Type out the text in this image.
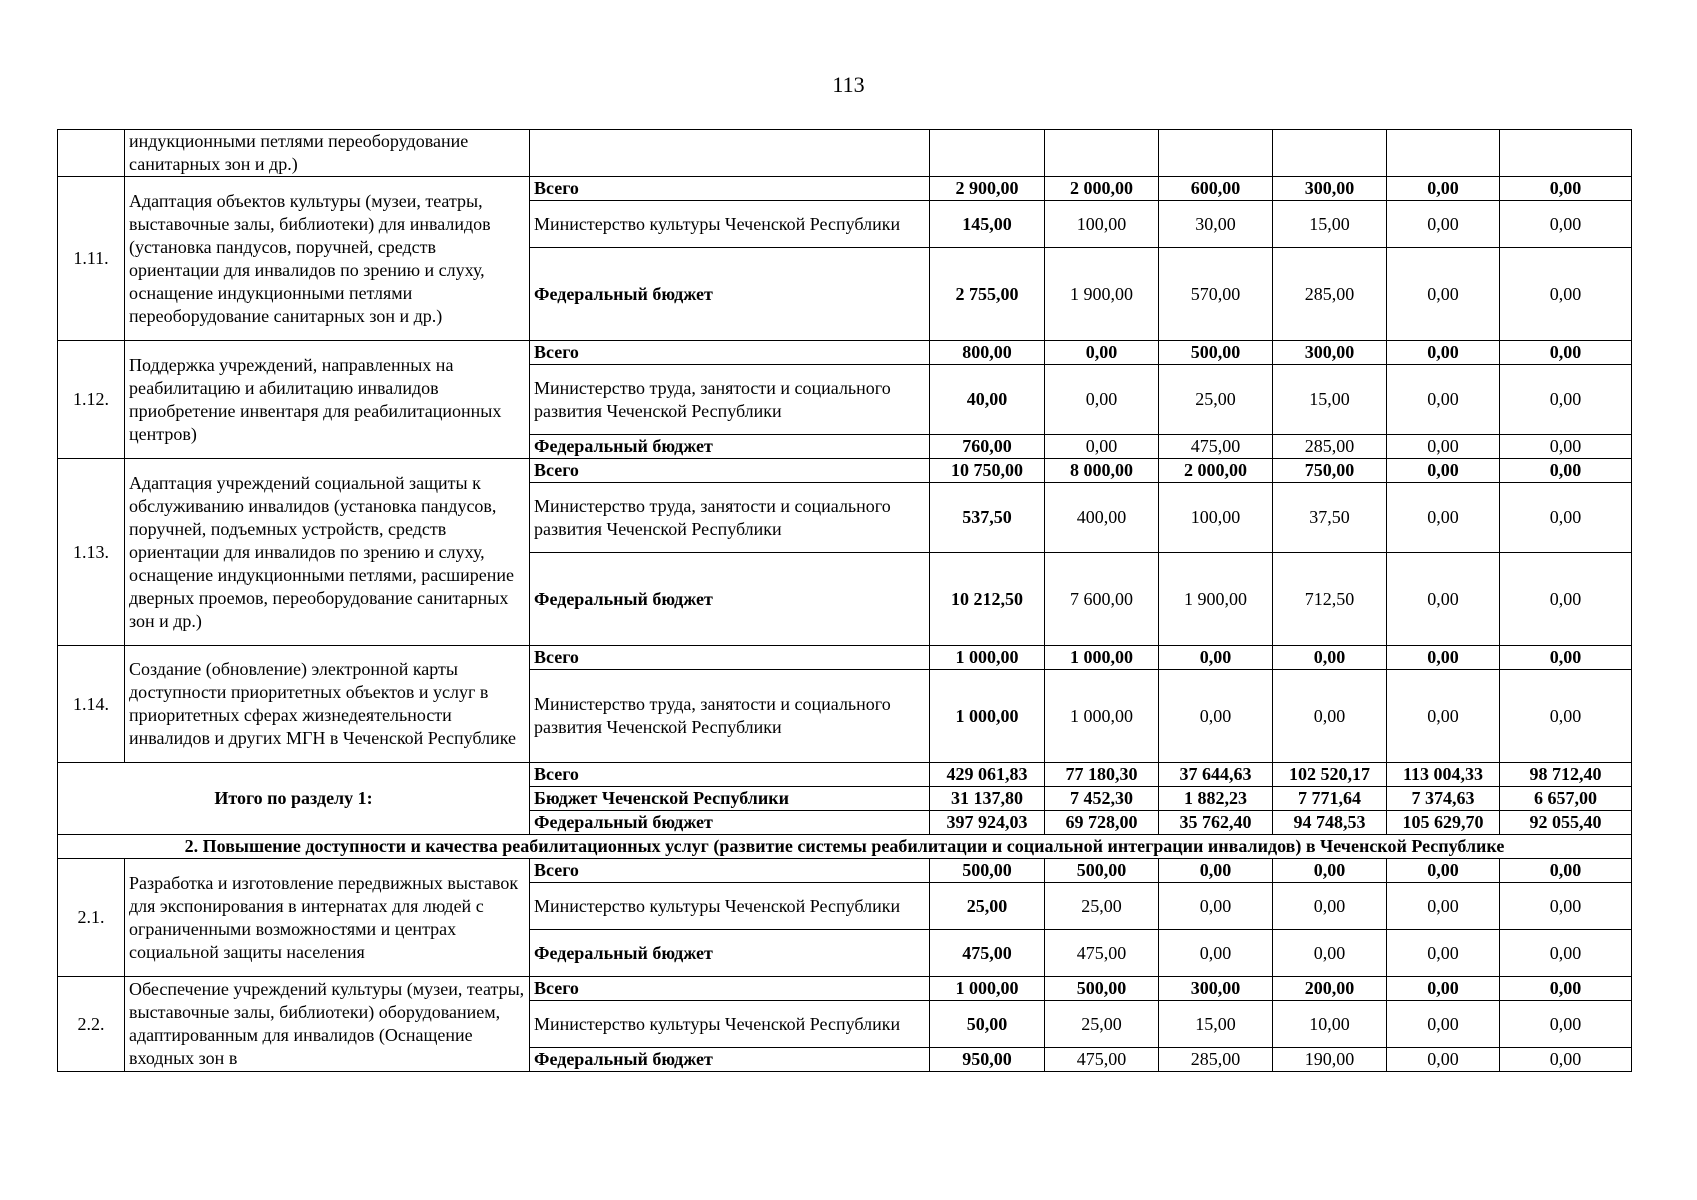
113
	индукционными петлями переоборудование санитарных зон и др.)							
1.11.	Адаптация объектов культуры (музеи, театры, выставочные залы, библиотеки) для инвалидов (установка пандусов, поручней, средств ориентации для инвалидов по зрению и слуху, оснащение индукционными петлями переоборудование санитарных зон и др.)	Всего	2 900,00	2 000,00	600,00	300,00	0,00	0,00
		Министерство культуры Чеченской Республики	145,00	100,00	30,00	15,00	0,00	0,00
		Федеральный бюджет	2 755,00	1 900,00	570,00	285,00	0,00	0,00
1.12.	Поддержка учреждений, направленных на реабилитацию и абилитацию инвалидов приобретение инвентаря для реабилитационных центров)	Всего	800,00	0,00	500,00	300,00	0,00	0,00
		Министерство труда, занятости и социального развития Чеченской Республики	40,00	0,00	25,00	15,00	0,00	0,00
		Федеральный бюджет	760,00	0,00	475,00	285,00	0,00	0,00
1.13.	Адаптация учреждений социальной защиты к обслуживанию инвалидов (установка пандусов, поручней, подъемных устройств, средств ориентации для инвалидов по зрению и слуху, оснащение индукционными петлями, расширение дверных проемов, переоборудование санитарных зон и др.)	Всего	10 750,00	8 000,00	2 000,00	750,00	0,00	0,00
		Министерство труда, занятости и социального развития Чеченской Республики	537,50	400,00	100,00	37,50	0,00	0,00
		Федеральный бюджет	10 212,50	7 600,00	1 900,00	712,50	0,00	0,00
1.14.	Создание (обновление) электронной карты доступности приоритетных объектов и услуг в приоритетных сферах жизнедеятельности инвалидов и других МГН в Чеченской Республике	Всего	1 000,00	1 000,00	0,00	0,00	0,00	0,00
		Министерство труда, занятости и социального развития Чеченской Республики	1 000,00	1 000,00	0,00	0,00	0,00	0,00
Итого по разделу 1:		Всего	429 061,83	77 180,30	37 644,63	102 520,17	113 004,33	98 712,40
		Бюджет Чеченской Республики	31 137,80	7 452,30	1 882,23	7 771,64	7 374,63	6 657,00
		Федеральный бюджет	397 924,03	69 728,00	35 762,40	94 748,53	105 629,70	92 055,40
2. Повышение доступности и качества реабилитационных услуг (развитие системы реабилитации и социальной интеграции инвалидов) в Чеченской Республике								
2.1.	Разработка и изготовление передвижных выставок для экспонирования в интернатах для людей с ограниченными возможностями и центрах социальной защиты населения	Всего	500,00	500,00	0,00	0,00	0,00	0,00
		Министерство культуры Чеченской Республики	25,00	25,00	0,00	0,00	0,00	0,00
		Федеральный бюджет	475,00	475,00	0,00	0,00	0,00	0,00
2.2.	Обеспечение учреждений культуры (музеи, театры, выставочные залы, библиотеки) оборудованием, адаптированным для инвалидов (Оснащение входных зон в	Всего	1 000,00	500,00	300,00	200,00	0,00	0,00
		Министерство культуры Чеченской Республики	50,00	25,00	15,00	10,00	0,00	0,00
		Федеральный бюджет	950,00	475,00	285,00	190,00	0,00	0,00
